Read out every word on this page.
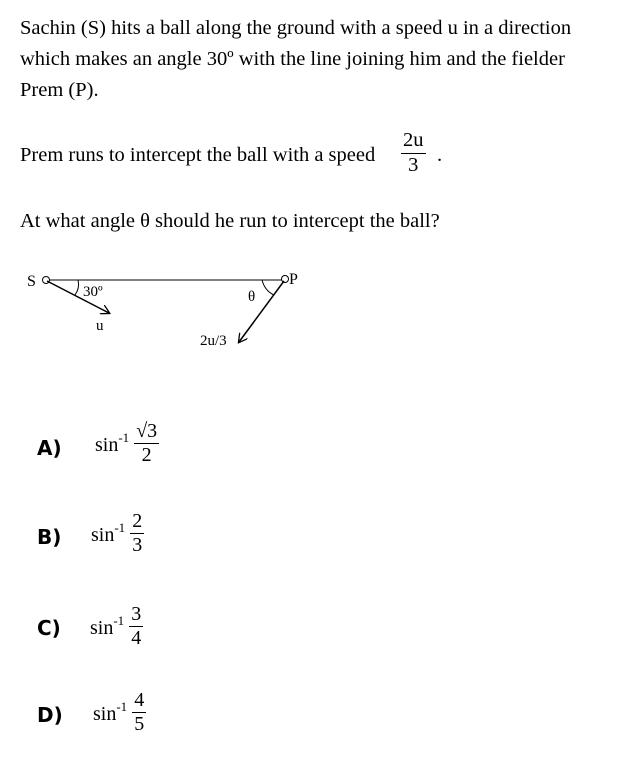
Sachin (S) hits a ball along the ground with a speed u in a direction which makes an angle 30º with the line joining him and the fielder Prem (P).

Prem runs to intercept the ball with a speed $\frac{2u}{3}$ .

At what angle θ should he run to intercept the ball?

S	P
30º
u
θ
2u/3
A) $\sin^{-1} \frac{√3}{2}$
B) $\sin^{-1} \frac{2}{3}$
C) $\sin^{-1} \frac{3}{4}$
D) $\sin^{-1} \frac{4}{5}$
